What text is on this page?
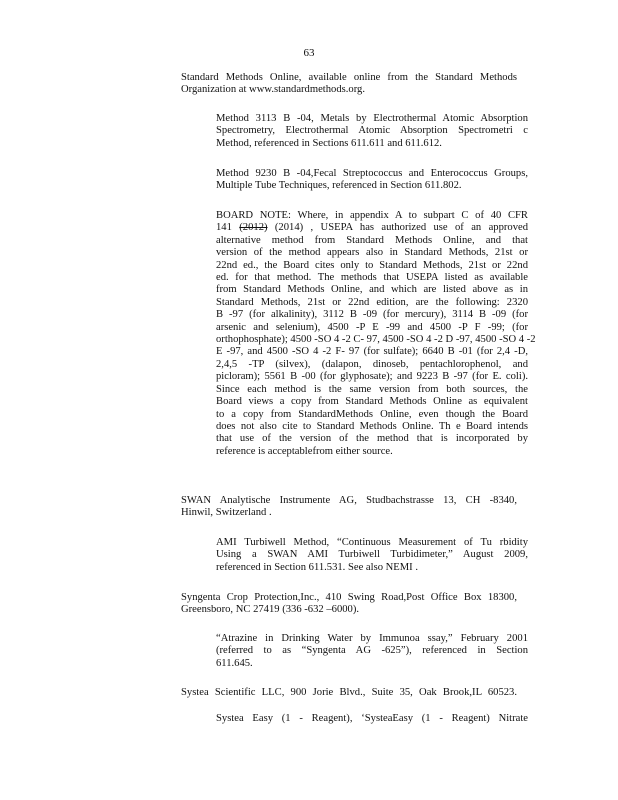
63

Standard Methods Online, available online from the Standard Methods
Organization at www.standardmethods.org.

Method 3113 B -04, Metals by Electrothermal Atomic Absorption
Spectrometry, Electrothermal Atomic Absorption Spectrometri c
Method, referenced in Sections 611.611 and 611.612.

Method 9230 B -04,Fecal Streptococcus and Enterococcus Groups,
Multiple Tube Techniques, referenced in Section 611.802.

BOARD NOTE: Where, in appendix A to subpart C of 40 CFR
141 (2012) (2014) , USEPA has authorized use of an approved
alternative method from Standard Methods Online, and that
version of the method appears also in Standard Methods, 21st or
22nd ed., the Board cites only to Standard Methods, 21st or 22nd
ed. for that method. The methods that USEPA listed as available
from Standard Methods Online, and which are listed above as in
Standard Methods, 21st or 22nd edition, are the following: 2320
B -97 (for alkalinity), 3112 B -09 (for mercury), 3114 B -09 (for
arsenic and selenium), 4500 -P E -99 and 4500 -P F -99; (for
orthophosphate); 4500 -SO 4 -2 C- 97, 4500 -SO 4 -2 D -97, 4500 -SO 4 -2
E -97, and 4500 -SO 4 -2 F- 97 (for sulfate); 6640 B -01 (for 2,4 -D,
2,4,5 -TP (silvex), (dalapon, dinoseb, pentachlorophenol, and
picloram); 5561 B -00 (for glyphosate); and 9223 B -97 (for E. coli).
Since each method is the same version from both sources, the
Board views a copy from Standard Methods Online as equivalent
to a copy from StandardMethods Online, even though the Board
does not also cite to Standard Methods Online. Th e Board intends
that use of the version of the method that is incorporated by
reference is acceptablefrom either source.

SWAN Analytische Instrumente AG, Studbachstrasse 13, CH -8340,
Hinwil, Switzerland .

AMI Turbiwell Method, “Continuous Measurement of Tu rbidity
Using a SWAN AMI Turbiwell Turbidimeter,” August 2009,
referenced in Section 611.531. See also NEMI .

Syngenta Crop Protection,Inc., 410 Swing Road,Post Office Box 18300,
Greensboro, NC 27419 (336 -632 –6000).

“Atrazine in Drinking Water by Immunoa ssay,” February 2001
(referred to as “Syngenta AG -625”), referenced in Section
611.645.

Systea Scientific LLC, 900 Jorie Blvd., Suite 35, Oak Brook,IL 60523.

Systea Easy (1 - Reagent), ‘SysteaEasy (1 - Reagent) Nitrate
